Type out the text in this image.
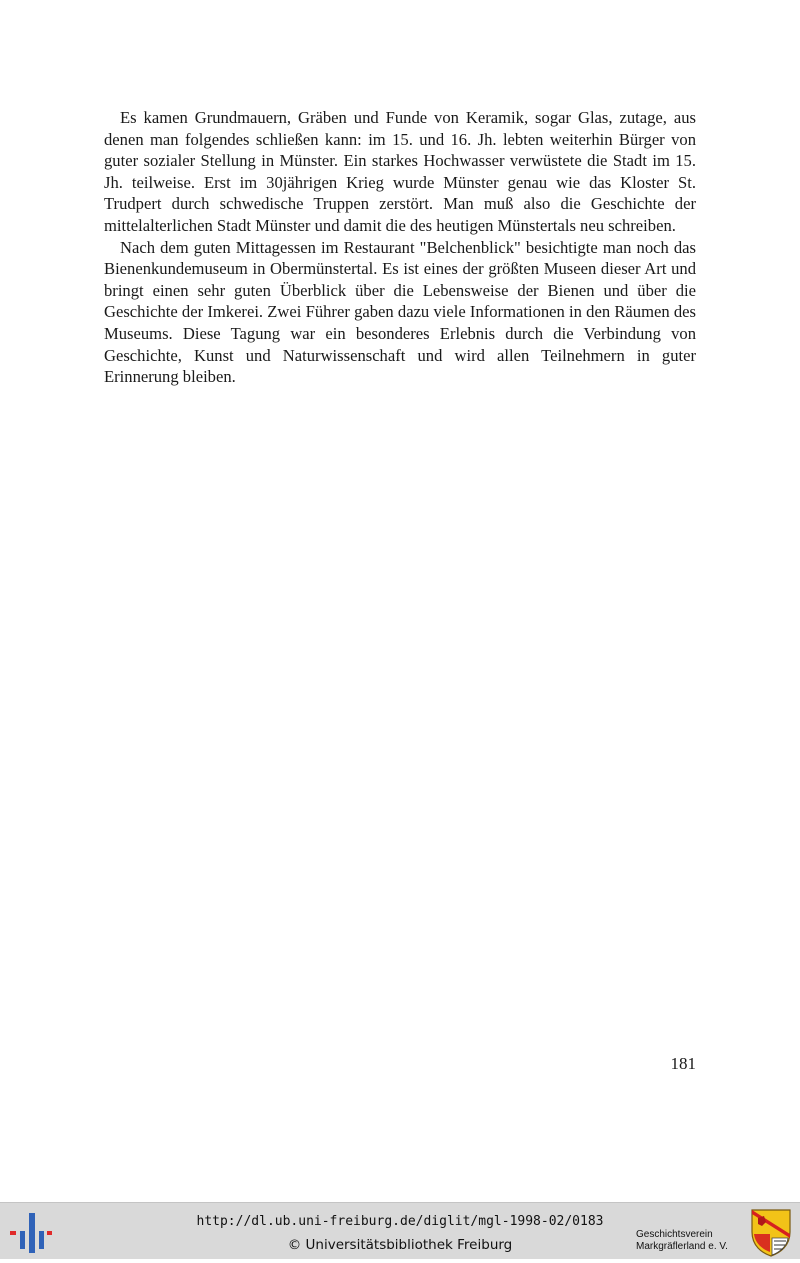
Es kamen Grundmauern, Gräben und Funde von Keramik, sogar Glas, zutage, aus denen man folgendes schließen kann: im 15. und 16. Jh. lebten weiterhin Bürger von guter sozialer Stellung in Münster. Ein starkes Hochwasser verwüstete die Stadt im 15. Jh. teilweise. Erst im 30jährigen Krieg wurde Münster genau wie das Kloster St. Trudpert durch schwedische Truppen zerstört. Man muß also die Geschichte der mittelalterlichen Stadt Münster und damit die des heutigen Münstertals neu schreiben.

Nach dem guten Mittagessen im Restaurant "Belchenblick" besichtigte man noch das Bienenkundemuseum in Obermünstertal. Es ist eines der größten Museen dieser Art und bringt einen sehr guten Überblick über die Lebensweise der Bienen und über die Geschichte der Imkerei. Zwei Führer gaben dazu viele Informationen in den Räumen des Museums. Diese Tagung war ein besonderes Erlebnis durch die Verbindung von Geschichte, Kunst und Naturwissenschaft und wird allen Teilnehmern in guter Erinnerung bleiben.

181
http://dl.ub.uni-freiburg.de/diglit/mgl-1998-02/0183
© Universitätsbibliothek Freiburg
Geschichtsverein
Markgräflerland e. V.
